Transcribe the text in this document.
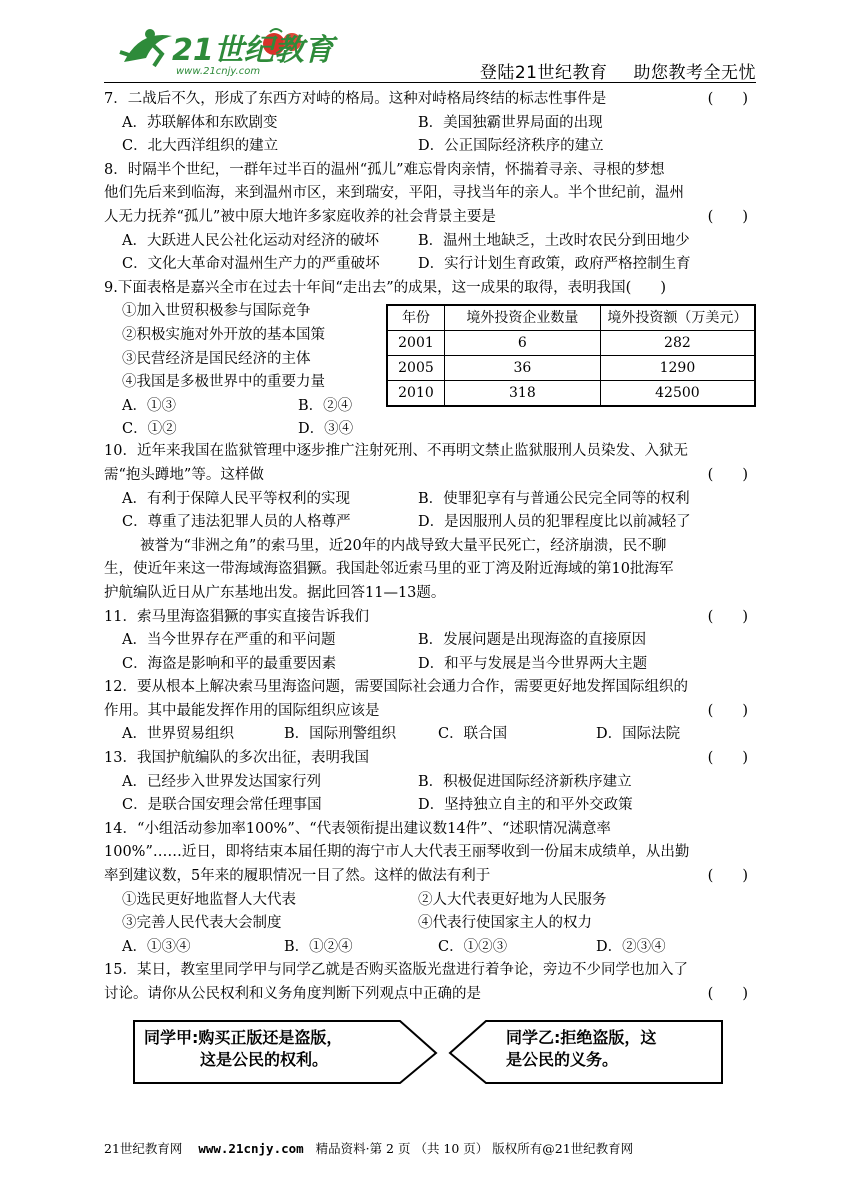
21世纪教育
www.21cnjy.com	登陆21世纪教育 助您教考全无忧
7．二战后不久，形成了东西方对峙的格局。这种对峙格局终结的标志性事件是	(　　)
A．苏联解体和东欧剧变	B．美国独霸世界局面的出现
C．北大西洋组织的建立	D．公正国际经济秩序的建立
8．时隔半个世纪，一群年过半百的温州“孤儿”难忘骨肉亲情，怀揣着寻亲、寻根的梦想
他们先后来到临海，来到温州市区，来到瑞安，平阳，寻找当年的亲人。半个世纪前，温州
人无力抚养“孤儿”被中原大地许多家庭收养的社会背景主要是	(　　)
A．大跃进人民公社化运动对经济的破坏	B．温州土地缺乏，土改时农民分到田地少
C．文化大革命对温州生产力的严重破坏	D．实行计划生育政策，政府严格控制生育
9.下面表格是嘉兴全市在过去十年间“走出去”的成果，这一成果的取得，表明我国(　　)
①加入世贸积极参与国际竞争
②积极实施对外开放的基本国策
③民营经济是国民经济的主体
④我国是多极世界中的重要力量
A．①③	B．②④
C．①②	D．③④
年份	境外投资企业数量	境外投资额（万美元）
2001	6	282
2005	36	1290
2010	318	42500
10．近年来我国在监狱管理中逐步推广注射死刑、不再明文禁止监狱服刑人员染发、入狱无
需“抱头蹲地”等。这样做	(　　)
A．有利于保障人民平等权利的实现	B．使罪犯享有与普通公民完全同等的权利
C．尊重了违法犯罪人员的人格尊严	D．是因服刑人员的犯罪程度比以前减轻了
被誉为“非洲之角”的索马里，近20年的内战导致大量平民死亡，经济崩溃，民不聊
生，使近年来这一带海域海盗猖獗。我国赴邻近索马里的亚丁湾及附近海域的第10批海军
护航编队近日从广东基地出发。据此回答11—13题。
11．索马里海盗猖獗的事实直接告诉我们	(　　)
A．当今世界存在严重的和平问题	B．发展问题是出现海盗的直接原因
C．海盗是影响和平的最重要因素	D．和平与发展是当今世界两大主题
12．要从根本上解决索马里海盗问题，需要国际社会通力合作，需要更好地发挥国际组织的
作用。其中最能发挥作用的国际组织应该是	(　　)
A．世界贸易组织	B．国际刑警组织	C．联合国	D．国际法院
13．我国护航编队的多次出征，表明我国	(　　)
A．已经步入世界发达国家行列	B．积极促进国际经济新秩序建立
C．是联合国安理会常任理事国	D．坚持独立自主的和平外交政策
14．“小组活动参加率100%”、“代表领衔提出建议数14件”、“述职情况满意率
100%”……近日，即将结束本届任期的海宁市人大代表王丽琴收到一份届末成绩单，从出勤
率到建议数，5年来的履职情况一目了然。这样的做法有利于	(　　)
①选民更好地监督人大代表	②人大代表更好地为人民服务
③完善人民代表大会制度	④代表行使国家主人的权力
A．①③④	B．①②④	C．①②③	D．②③④
15．某日，教室里同学甲与同学乙就是否购买盗版光盘进行着争论，旁边不少同学也加入了
讨论。请你从公民权利和义务角度判断下列观点中正确的是	(　　)
同学甲:购买正版还是盗版，
这是公民的权利。
同学乙:拒绝盗版，这
是公民的义务。
21世纪教育网 www.21cnjy.com 精品资料·第 2 页 （共 10 页） 版权所有@21世纪教育网
